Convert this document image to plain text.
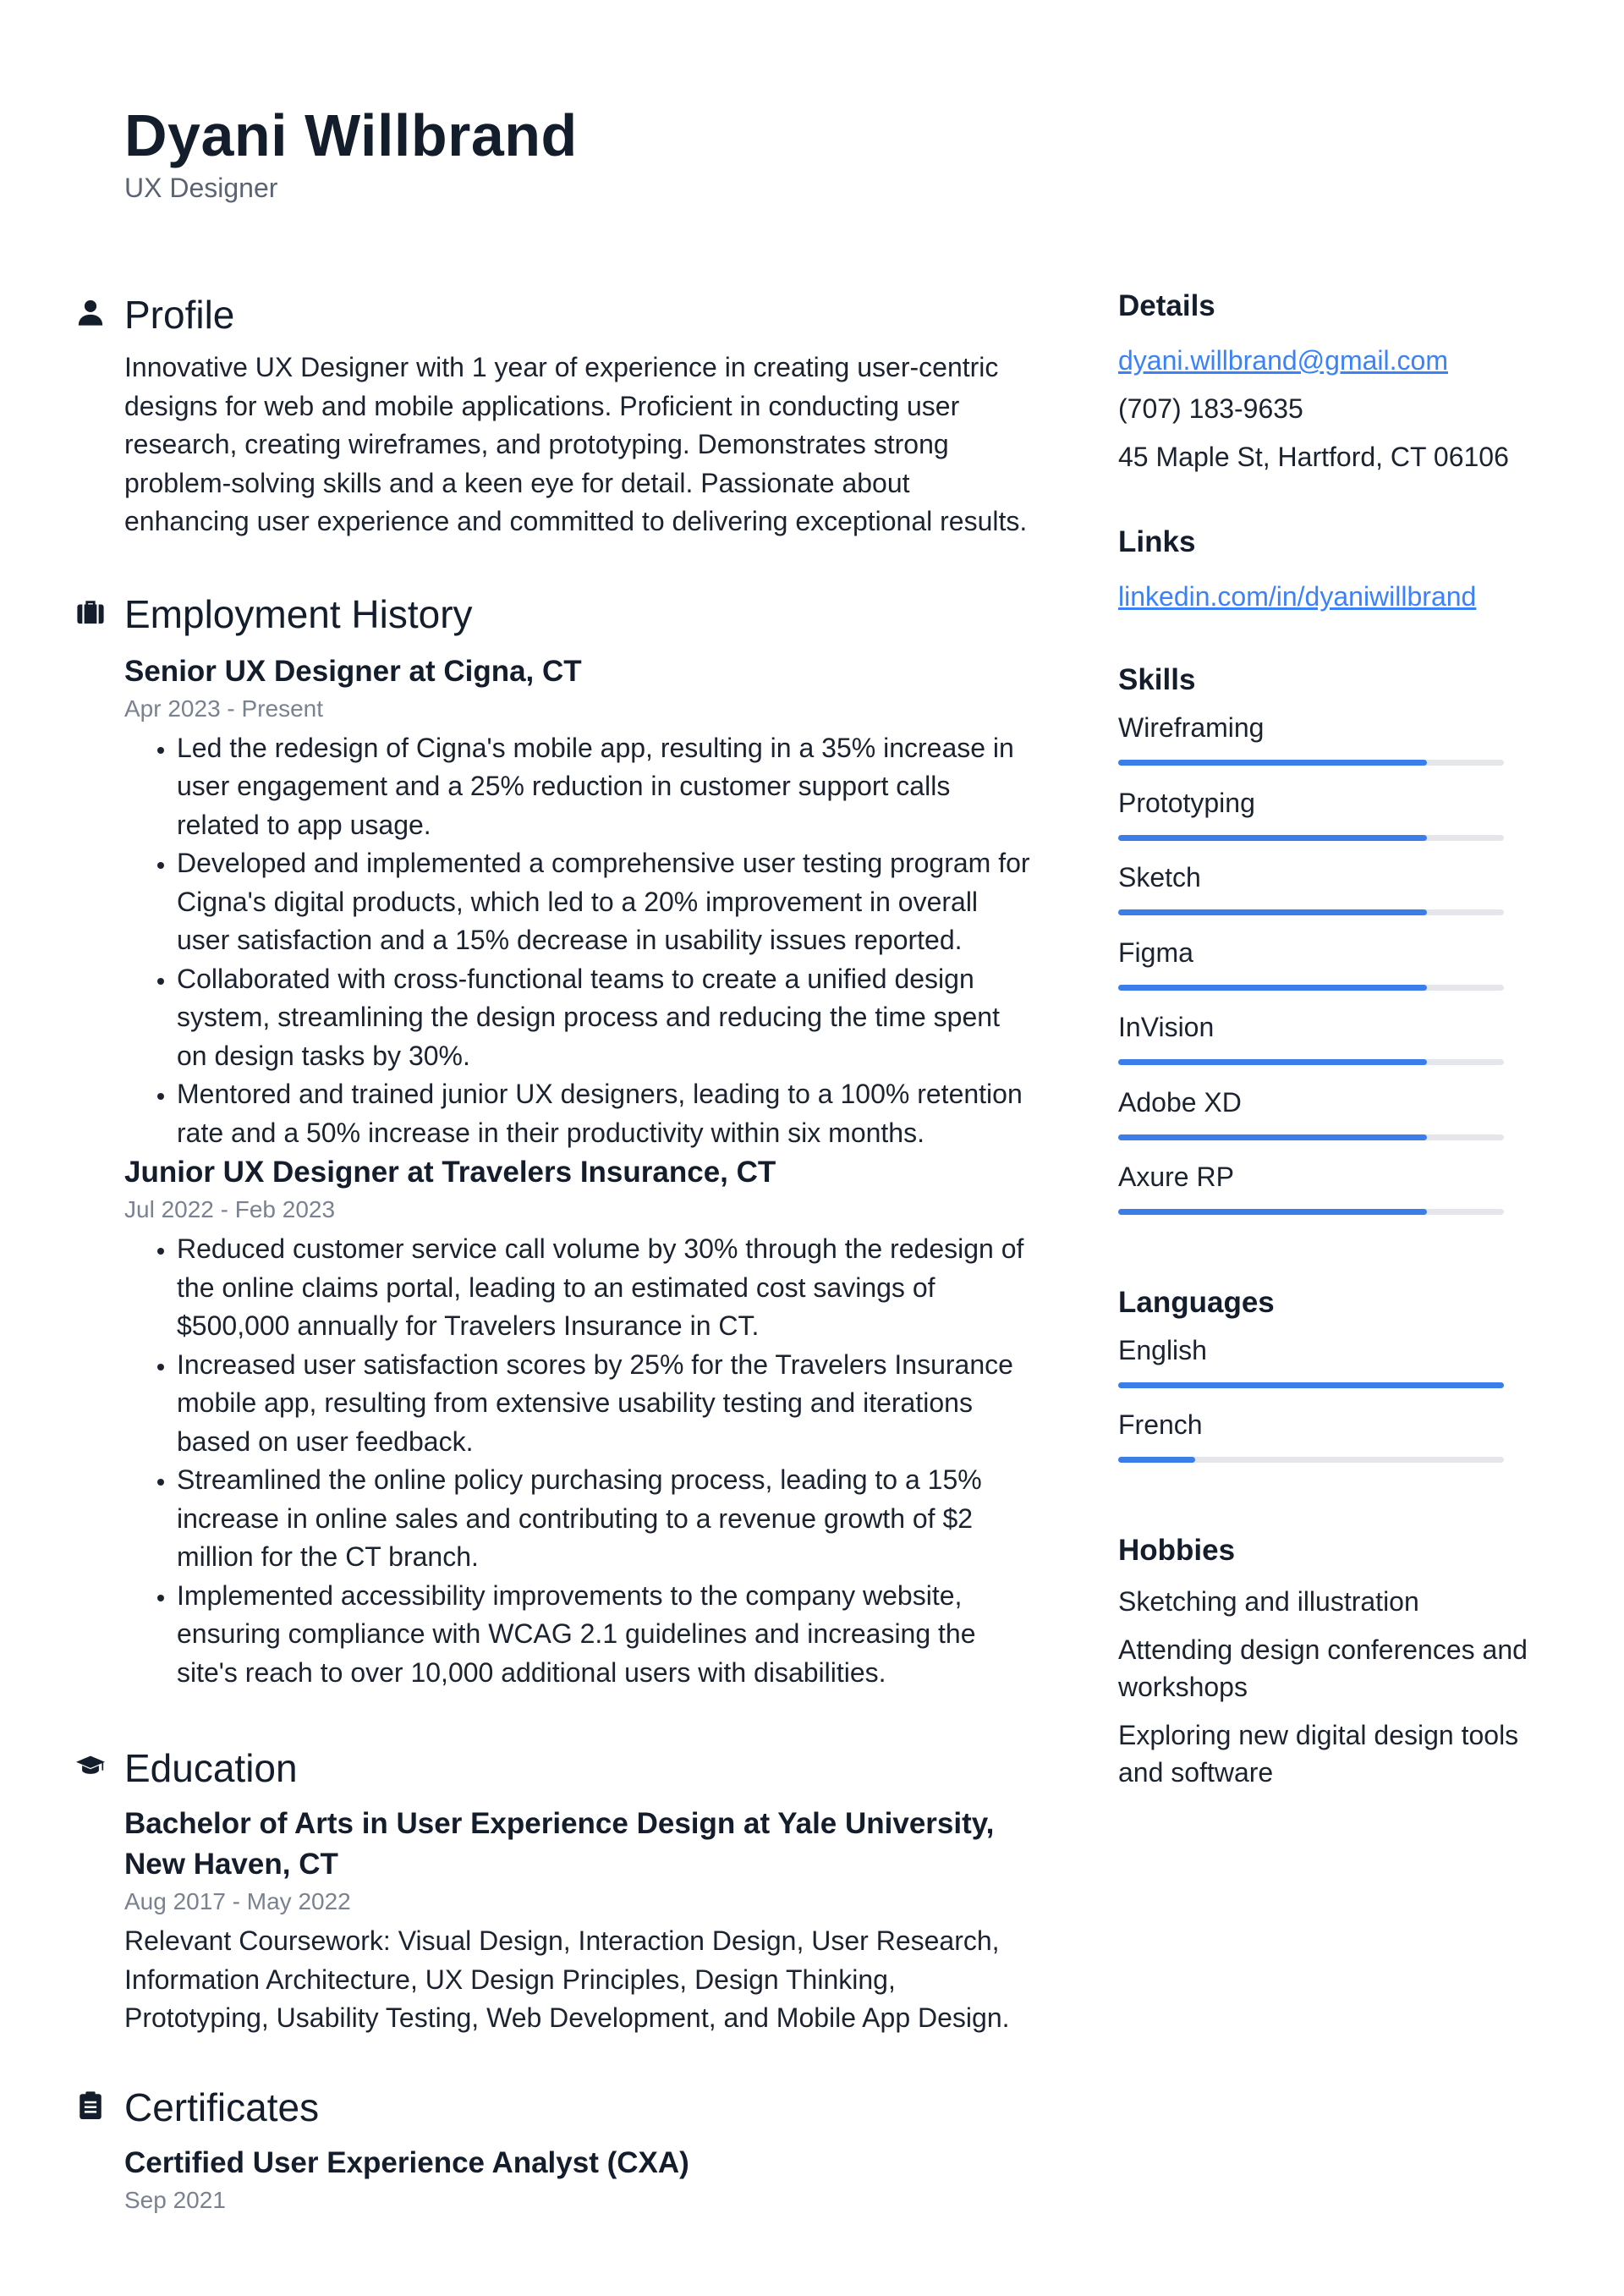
Dyani Willbrand
UX Designer
Profile

Innovative UX Designer with 1 year of experience in creating user-centric designs for web and mobile applications. Proficient in conducting user research, creating wireframes, and prototyping. Demonstrates strong problem-solving skills and a keen eye for detail. Passionate about enhancing user experience and committed to delivering exceptional results.

Employment History
Senior UX Designer at Cigna, CT
Apr 2023 - Present
• Led the redesign of Cigna's mobile app, resulting in a 35% increase in user engagement and a 25% reduction in customer support calls related to app usage.
• Developed and implemented a comprehensive user testing program for Cigna's digital products, which led to a 20% improvement in overall user satisfaction and a 15% decrease in usability issues reported.
• Collaborated with cross-functional teams to create a unified design system, streamlining the design process and reducing the time spent on design tasks by 30%.
• Mentored and trained junior UX designers, leading to a 100% retention rate and a 50% increase in their productivity within six months.
Junior UX Designer at Travelers Insurance, CT
Jul 2022 - Feb 2023
• Reduced customer service call volume by 30% through the redesign of the online claims portal, leading to an estimated cost savings of $500,000 annually for Travelers Insurance in CT.
• Increased user satisfaction scores by 25% for the Travelers Insurance mobile app, resulting from extensive usability testing and iterations based on user feedback.
• Streamlined the online policy purchasing process, leading to a 15% increase in online sales and contributing to a revenue growth of $2 million for the CT branch.
• Implemented accessibility improvements to the company website, ensuring compliance with WCAG 2.1 guidelines and increasing the site's reach to over 10,000 additional users with disabilities.
Education
Bachelor of Arts in User Experience Design at Yale University, New Haven, CT
Aug 2017 - May 2022

Relevant Coursework: Visual Design, Interaction Design, User Research, Information Architecture, UX Design Principles, Design Thinking, Prototyping, Usability Testing, Web Development, and Mobile App Design.

Certificates
Certified User Experience Analyst (CXA)
Sep 2021
Details
dyani.willbrand@gmail.com
(707) 183-9635
45 Maple St, Hartford, CT 06106
Links
linkedin.com/in/dyaniwillbrand
Skills
Wireframing
Prototyping
Sketch
Figma
InVision
Adobe XD
Axure RP
Languages
English
French
Hobbies
Sketching and illustration
Attending design conferences and workshops
Exploring new digital design tools and software
